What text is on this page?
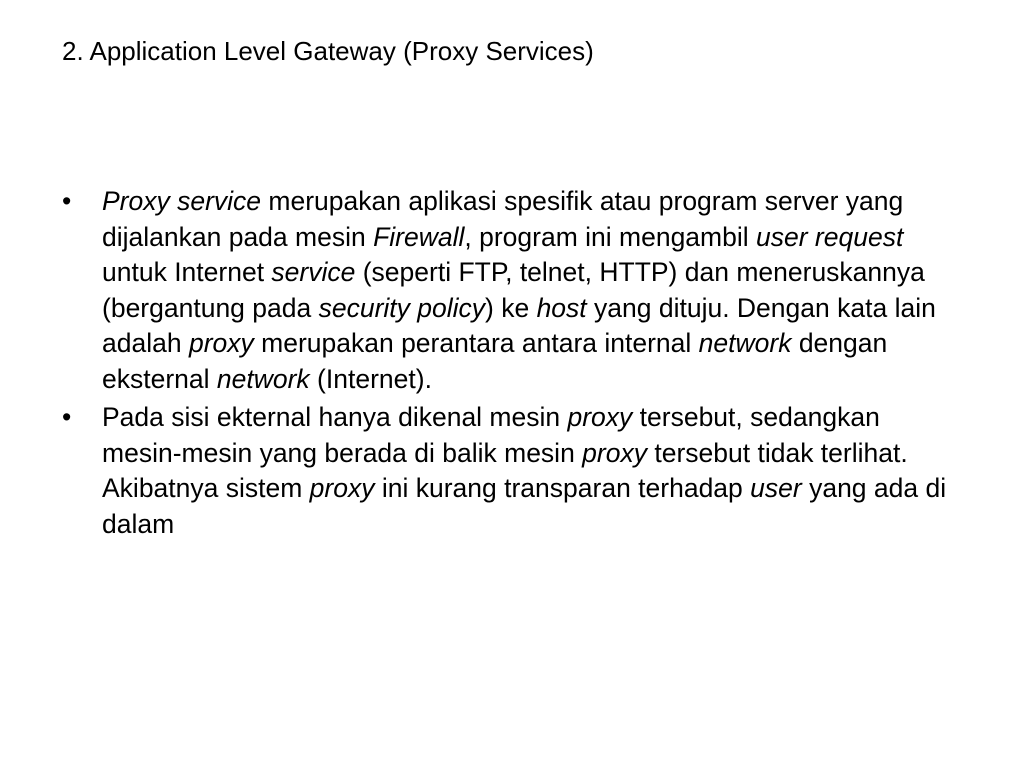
2. Application Level Gateway (Proxy Services)
•	Proxy service merupakan aplikasi spesifik atau program server yang dijalankan pada mesin Firewall, program ini mengambil user request untuk Internet service (seperti FTP, telnet, HTTP) dan meneruskannya (bergantung pada security policy) ke host yang dituju. Dengan kata lain adalah proxy merupakan perantara antara internal network dengan eksternal network (Internet).
•	Pada sisi ekternal hanya dikenal mesin proxy tersebut, sedangkan mesin-mesin yang berada di balik mesin proxy tersebut tidak terlihat. Akibatnya sistem proxy ini kurang transparan terhadap user yang ada di dalam
